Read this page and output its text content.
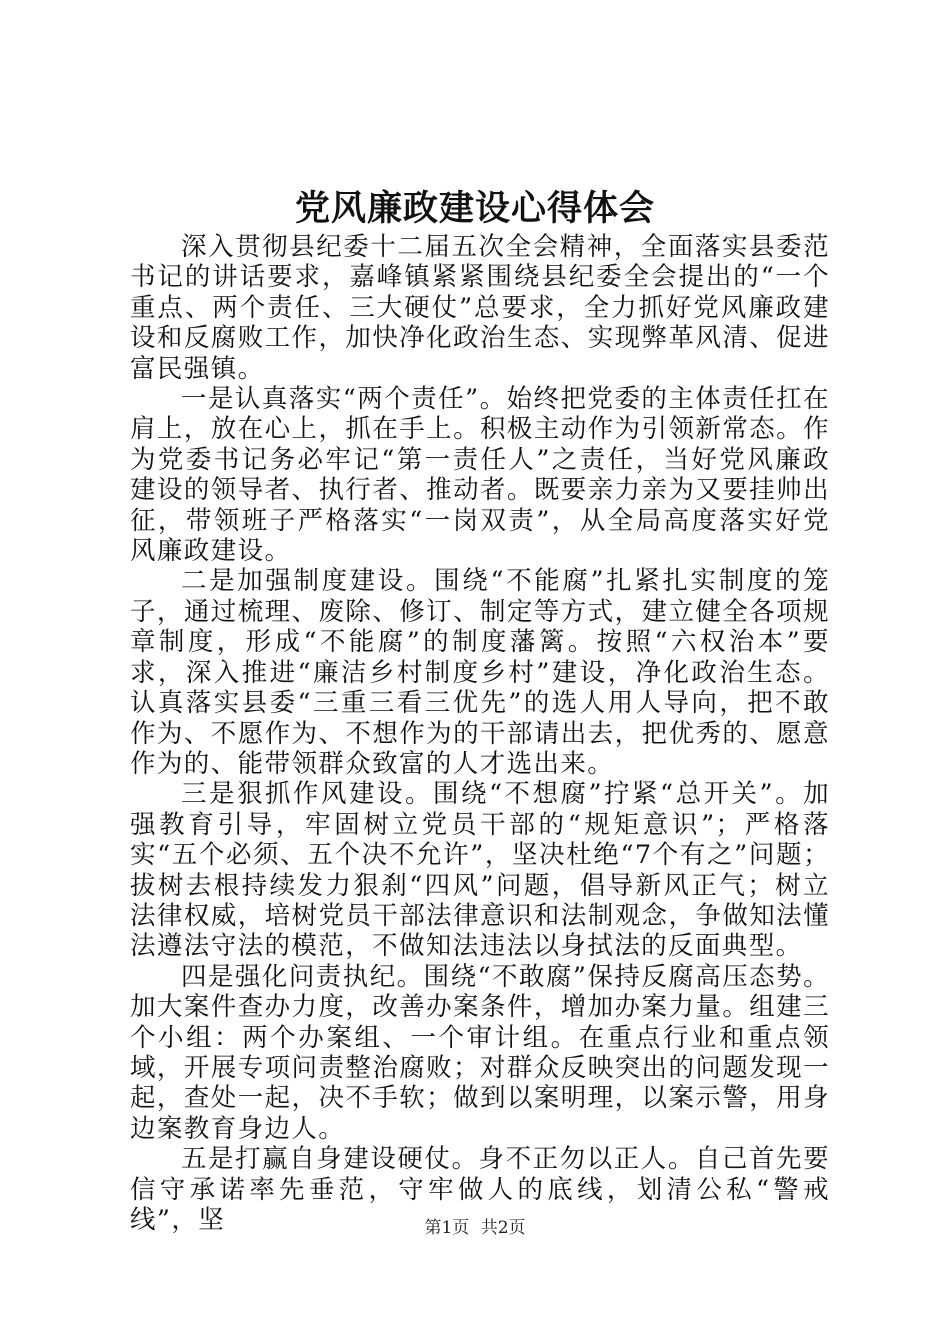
党风廉政建设心得体会

深入贯彻县纪委十二届五次全会精神，全面落实县委范书记的讲话要求，嘉峰镇紧紧围绕县纪委全会提出的“一个重点、两个责任、三大硬仗”总要求，全力抓好党风廉政建设和反腐败工作，加快净化政治生态、实现弊革风清、促进富民强镇。

一是认真落实“两个责任”。始终把党委的主体责任扛在肩上，放在心上，抓在手上。积极主动作为引领新常态。作为党委书记务必牢记“第一责任人”之责任，当好党风廉政建设的领导者、执行者、推动者。既要亲力亲为又要挂帅出征，带领班子严格落实“一岗双责”，从全局高度落实好党风廉政建设。

二是加强制度建设。围绕“不能腐”扎紧扎实制度的笼子，通过梳理、废除、修订、制定等方式，建立健全各项规章制度，形成“不能腐”的制度藩篱。按照“六权治本”要求，深入推进“廉洁乡村制度乡村”建设，净化政治生态。认真落实县委“三重三看三优先”的选人用人导向，把不敢作为、不愿作为、不想作为的干部请出去，把优秀的、愿意作为的、能带领群众致富的人才选出来。

三是狠抓作风建设。围绕“不想腐”拧紧“总开关”。加强教育引导，牢固树立党员干部的“规矩意识”；严格落实“五个必须、五个决不允许”，坚决杜绝“7个有之”问题；拔树去根持续发力狠刹“四风”问题，倡导新风正气；树立法律权威，培树党员干部法律意识和法制观念，争做知法懂法遵法守法的模范，不做知法违法以身拭法的反面典型。

四是强化问责执纪。围绕“不敢腐”保持反腐高压态势。加大案件查办力度，改善办案条件，增加办案力量。组建三个小组：两个办案组、一个审计组。在重点行业和重点领域，开展专项问责整治腐败；对群众反映突出的问题发现一起，查处一起，决不手软；做到以案明理，以案示警，用身边案教育身边人。

五是打赢自身建设硬仗。身不正勿以正人。自己首先要信守承诺率先垂范，守牢做人的底线，划清公私“警戒线”，坚	第1页 共2页
